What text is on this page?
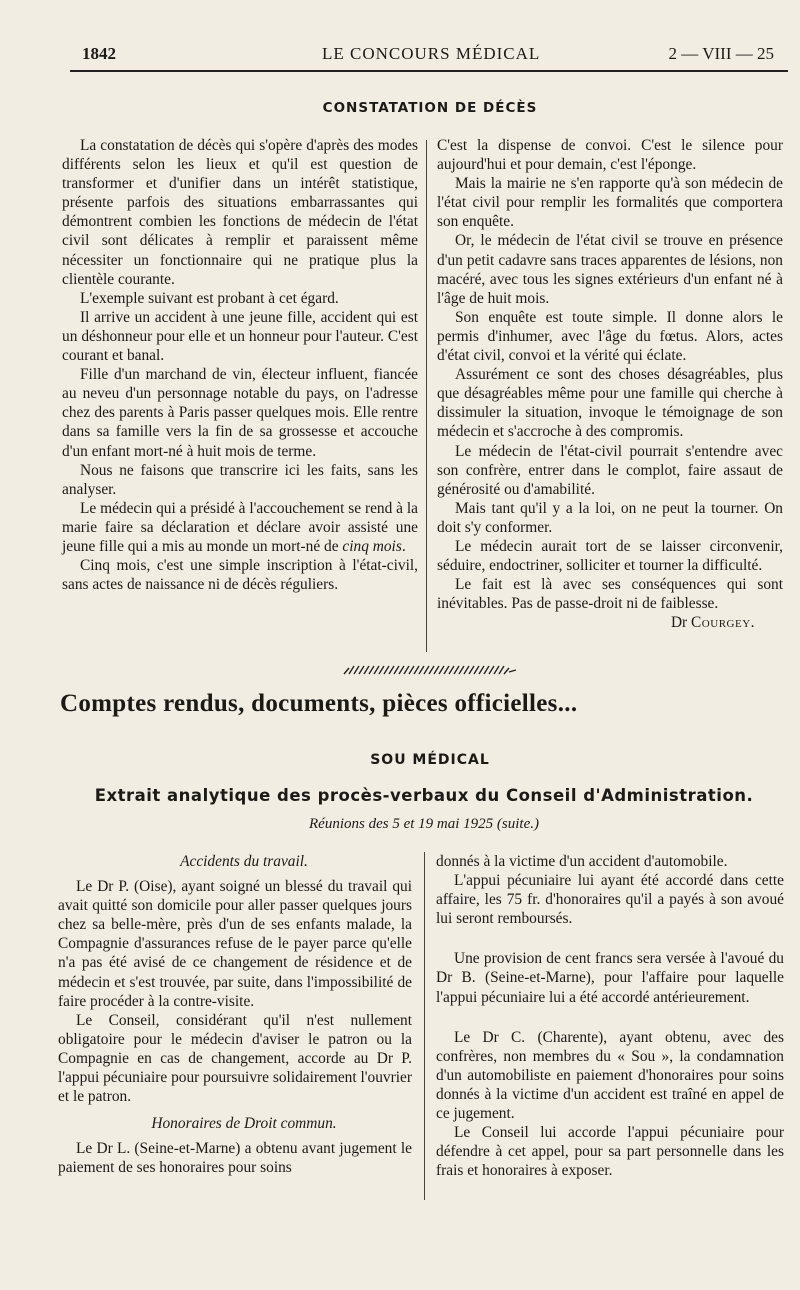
1842	LE CONCOURS MÉDICAL	2 — VIII — 25
CONSTATATION DE DÉCÈS

La constatation de décès qui s'opère d'après des modes différents selon les lieux et qu'il est question de transformer et d'unifier dans un intérêt statistique, présente parfois des situations embarrassantes qui démontrent combien les fonctions de médecin de l'état civil sont délicates à remplir et paraissent même nécessiter un fonctionnaire qui ne pratique plus la clientèle courante.

L'exemple suivant est probant à cet égard.

Il arrive un accident à une jeune fille, accident qui est un déshonneur pour elle et un honneur pour l'auteur. C'est courant et banal.

Fille d'un marchand de vin, électeur influent, fiancée au neveu d'un personnage notable du pays, on l'adresse chez des parents à Paris passer quelques mois. Elle rentre dans sa famille vers la fin de sa grossesse et accouche d'un enfant mort-né à huit mois de terme.

Nous ne faisons que transcrire ici les faits, sans les analyser.

Le médecin qui a présidé à l'accouchement se rend à la marie faire sa déclaration et déclare avoir assisté une jeune fille qui a mis au monde un mort-né de cinq mois.

Cinq mois, c'est une simple inscription à l'état-civil, sans actes de naissance ni de décès réguliers.

C'est la dispense de convoi. C'est le silence pour aujourd'hui et pour demain, c'est l'éponge.

Mais la mairie ne s'en rapporte qu'à son médecin de l'état civil pour remplir les formalités que comportera son enquête.

Or, le médecin de l'état civil se trouve en présence d'un petit cadavre sans traces apparentes de lésions, non macéré, avec tous les signes extérieurs d'un enfant né à l'âge de huit mois.

Son enquête est toute simple. Il donne alors le permis d'inhumer, avec l'âge du fœtus. Alors, actes d'état civil, convoi et la vérité qui éclate.

Assurément ce sont des choses désagréables, plus que désagréables même pour une famille qui cherche à dissimuler la situation, invoque le témoignage de son médecin et s'accroche à des compromis.

Le médecin de l'état-civil pourrait s'entendre avec son confrère, entrer dans le complot, faire assaut de générosité ou d'amabilité.

Mais tant qu'il y a la loi, on ne peut la tourner. On doit s'y conformer.

Le médecin aurait tort de se laisser circonvenir, séduire, endoctriner, solliciter et tourner la difficulté.

Le fait est là avec ses conséquences qui sont inévitables. Pas de passe-droit ni de faiblesse.

Dr Courgey.

Comptes rendus, documents, pièces officielles...
SOU MÉDICAL
Extrait analytique des procès-verbaux du Conseil d'Administration.
Réunions des 5 et 19 mai 1925 (suite.)

Accidents du travail.

Le Dr P. (Oise), ayant soigné un blessé du travail qui avait quitté son domicile pour aller passer quelques jours chez sa belle-mère, près d'un de ses enfants malade, la Compagnie d'assurances refuse de le payer parce qu'elle n'a pas été avisé de ce changement de résidence et de médecin et s'est trouvée, par suite, dans l'impossibilité de faire procéder à la contre-visite.

Le Conseil, considérant qu'il n'est nullement obligatoire pour le médecin d'aviser le patron ou la Compagnie en cas de changement, accorde au Dr P. l'appui pécuniaire pour poursuivre solidairement l'ouvrier et le patron.

Honoraires de Droit commun.

Le Dr L. (Seine-et-Marne) a obtenu avant jugement le paiement de ses honoraires pour soins

donnés à la victime d'un accident d'automobile.

L'appui pécuniaire lui ayant été accordé dans cette affaire, les 75 fr. d'honoraires qu'il a payés à son avoué lui seront remboursés.

Une provision de cent francs sera versée à l'avoué du Dr B. (Seine-et-Marne), pour l'affaire pour laquelle l'appui pécuniaire lui a été accordé antérieurement.

Le Dr C. (Charente), ayant obtenu, avec des confrères, non membres du « Sou », la condamnation d'un automobiliste en paiement d'honoraires pour soins donnés à la victime d'un accident est traîné en appel de ce jugement.

Le Conseil lui accorde l'appui pécuniaire pour défendre à cet appel, pour sa part personnelle dans les frais et honoraires à exposer.
